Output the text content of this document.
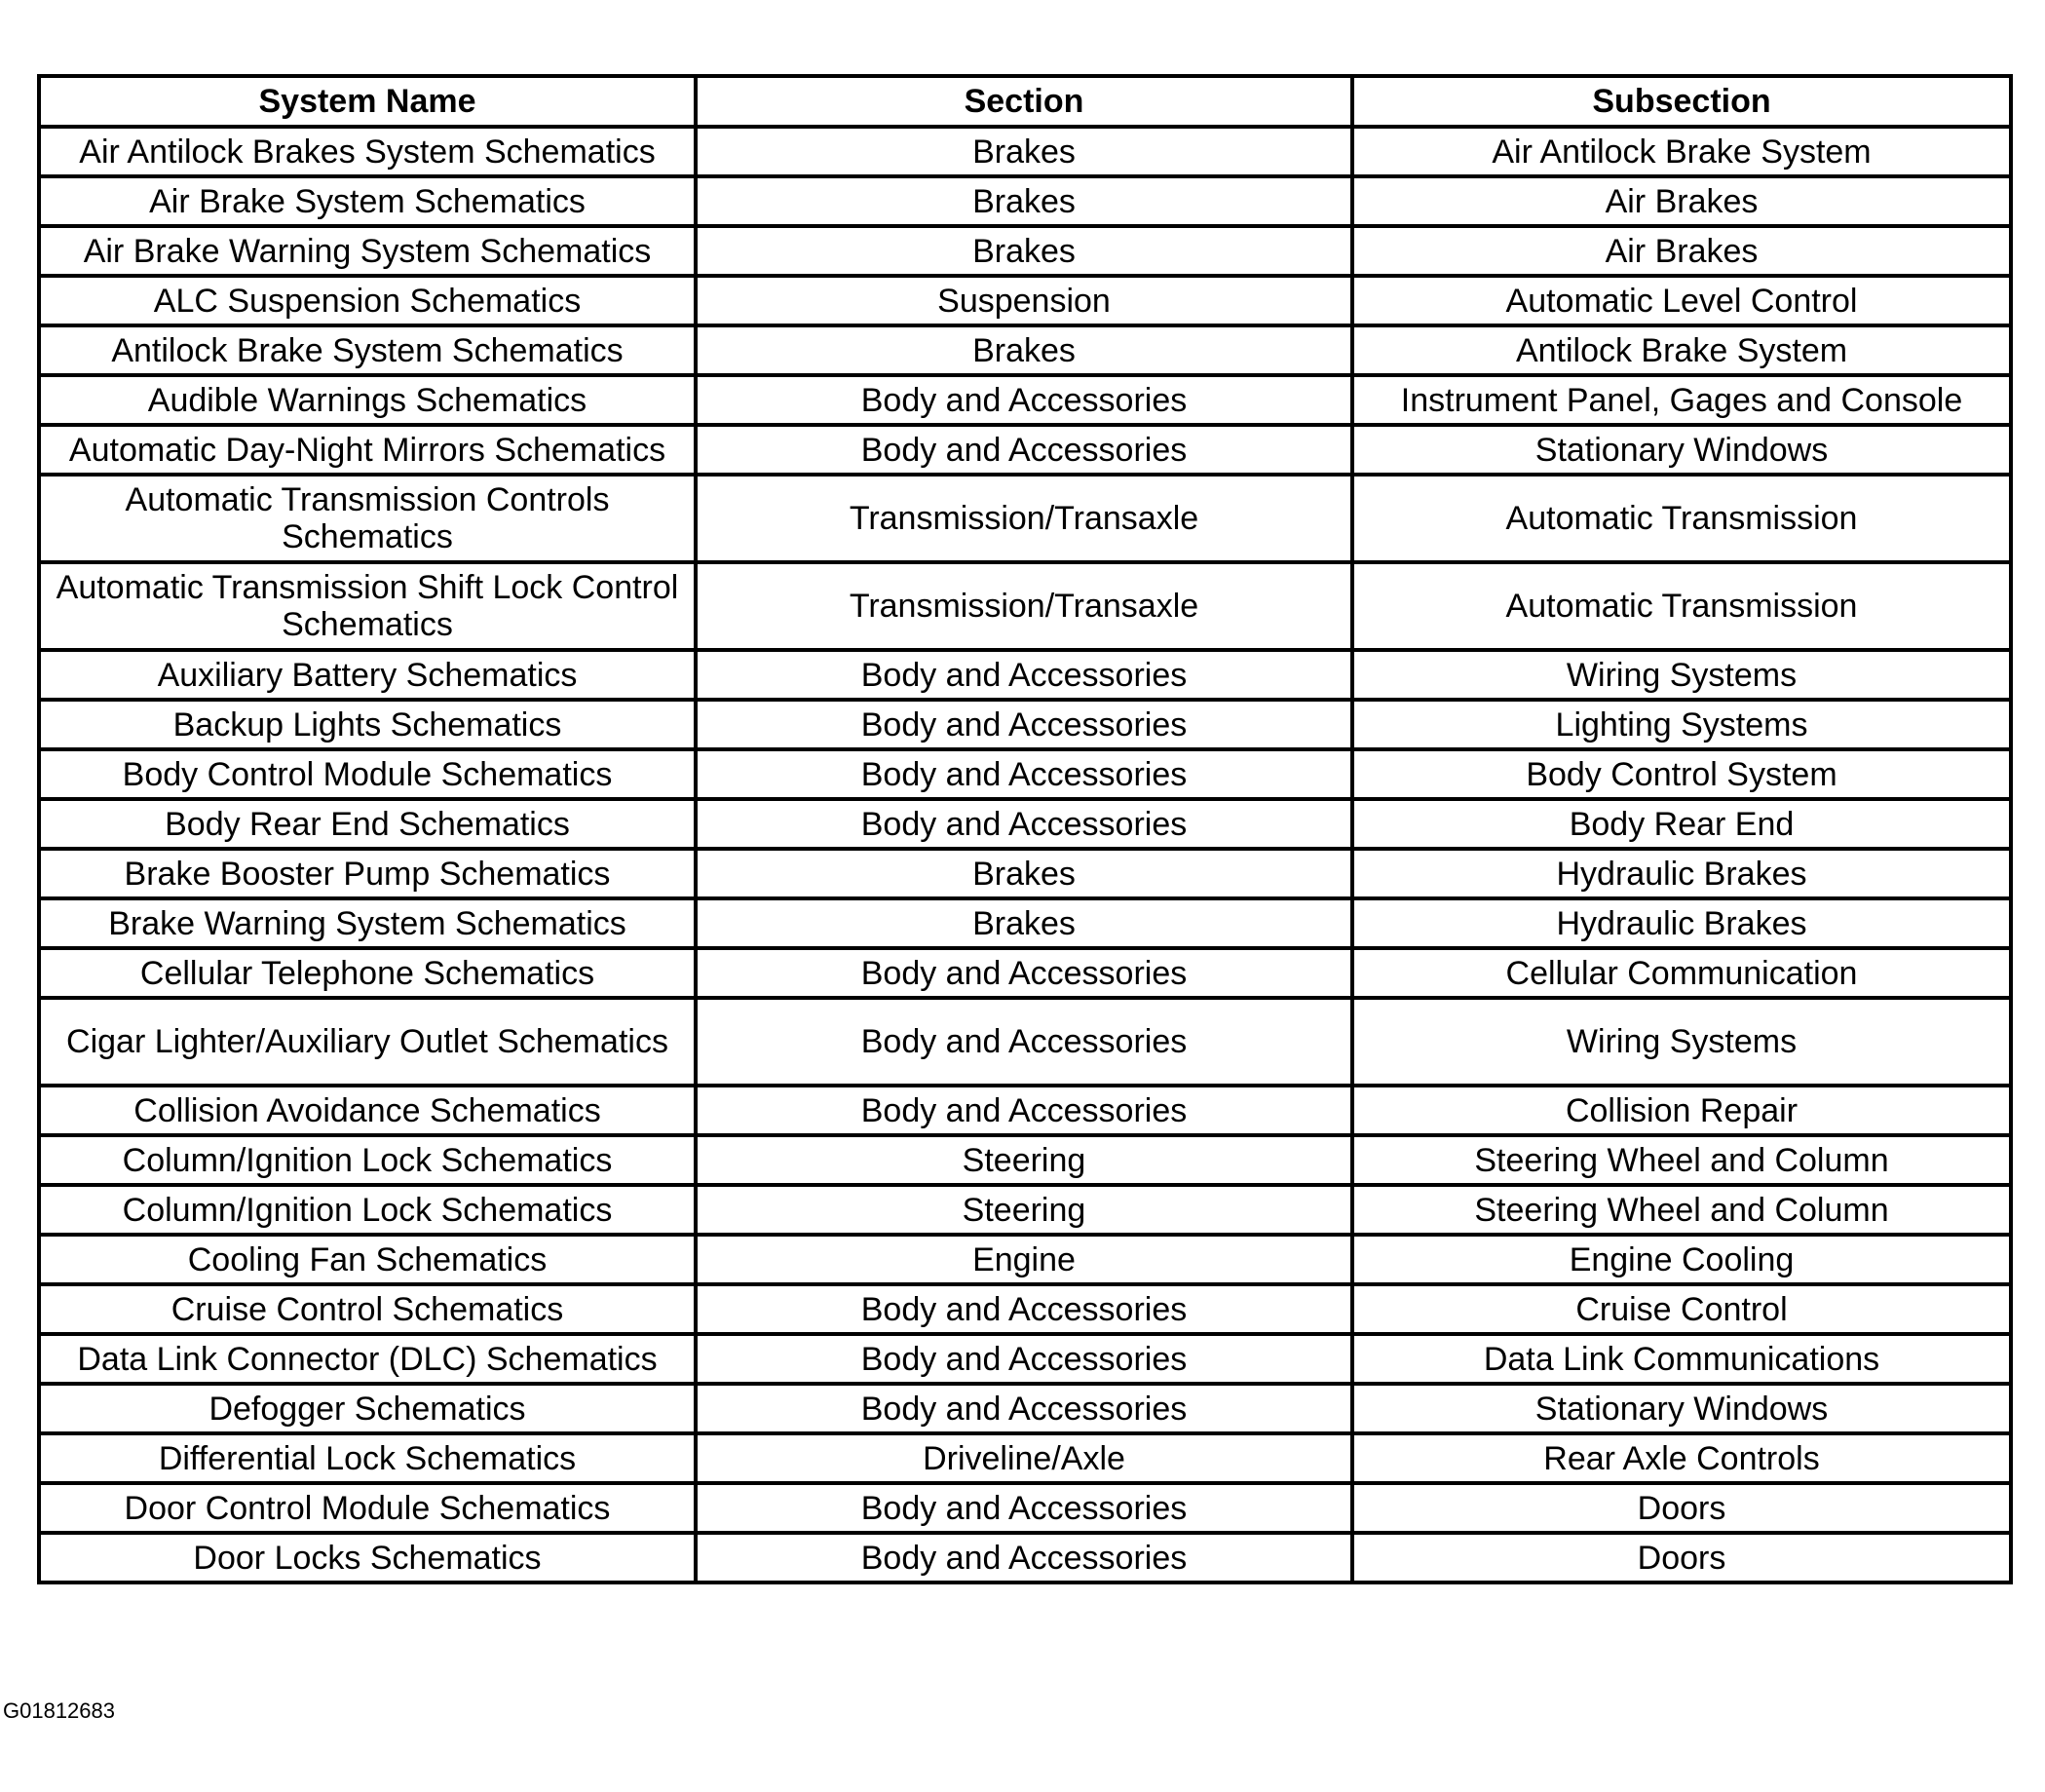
System Name	Section	Subsection
Air Antilock Brakes System Schematics	Brakes	Air Antilock Brake System
Air Brake System Schematics	Brakes	Air Brakes
Air Brake Warning System Schematics	Brakes	Air Brakes
ALC Suspension Schematics	Suspension	Automatic Level Control
Antilock Brake System Schematics	Brakes	Antilock Brake System
Audible Warnings Schematics	Body and Accessories	Instrument Panel, Gages and Console
Automatic Day-Night Mirrors Schematics	Body and Accessories	Stationary Windows
Automatic Transmission Controls Schematics	Transmission/Transaxle	Automatic Transmission
Automatic Transmission Shift Lock Control Schematics	Transmission/Transaxle	Automatic Transmission
Auxiliary Battery Schematics	Body and Accessories	Wiring Systems
Backup Lights Schematics	Body and Accessories	Lighting Systems
Body Control Module Schematics	Body and Accessories	Body Control System
Body Rear End Schematics	Body and Accessories	Body Rear End
Brake Booster Pump Schematics	Brakes	Hydraulic Brakes
Brake Warning System Schematics	Brakes	Hydraulic Brakes
Cellular Telephone Schematics	Body and Accessories	Cellular Communication
Cigar Lighter/Auxiliary Outlet Schematics	Body and Accessories	Wiring Systems
Collision Avoidance Schematics	Body and Accessories	Collision Repair
Column/Ignition Lock Schematics	Steering	Steering Wheel and Column
Column/Ignition Lock Schematics	Steering	Steering Wheel and Column
Cooling Fan Schematics	Engine	Engine Cooling
Cruise Control Schematics	Body and Accessories	Cruise Control
Data Link Connector (DLC) Schematics	Body and Accessories	Data Link Communications
Defogger Schematics	Body and Accessories	Stationary Windows
Differential Lock Schematics	Driveline/Axle	Rear Axle Controls
Door Control Module Schematics	Body and Accessories	Doors
Door Locks Schematics	Body and Accessories	Doors
G01812683
